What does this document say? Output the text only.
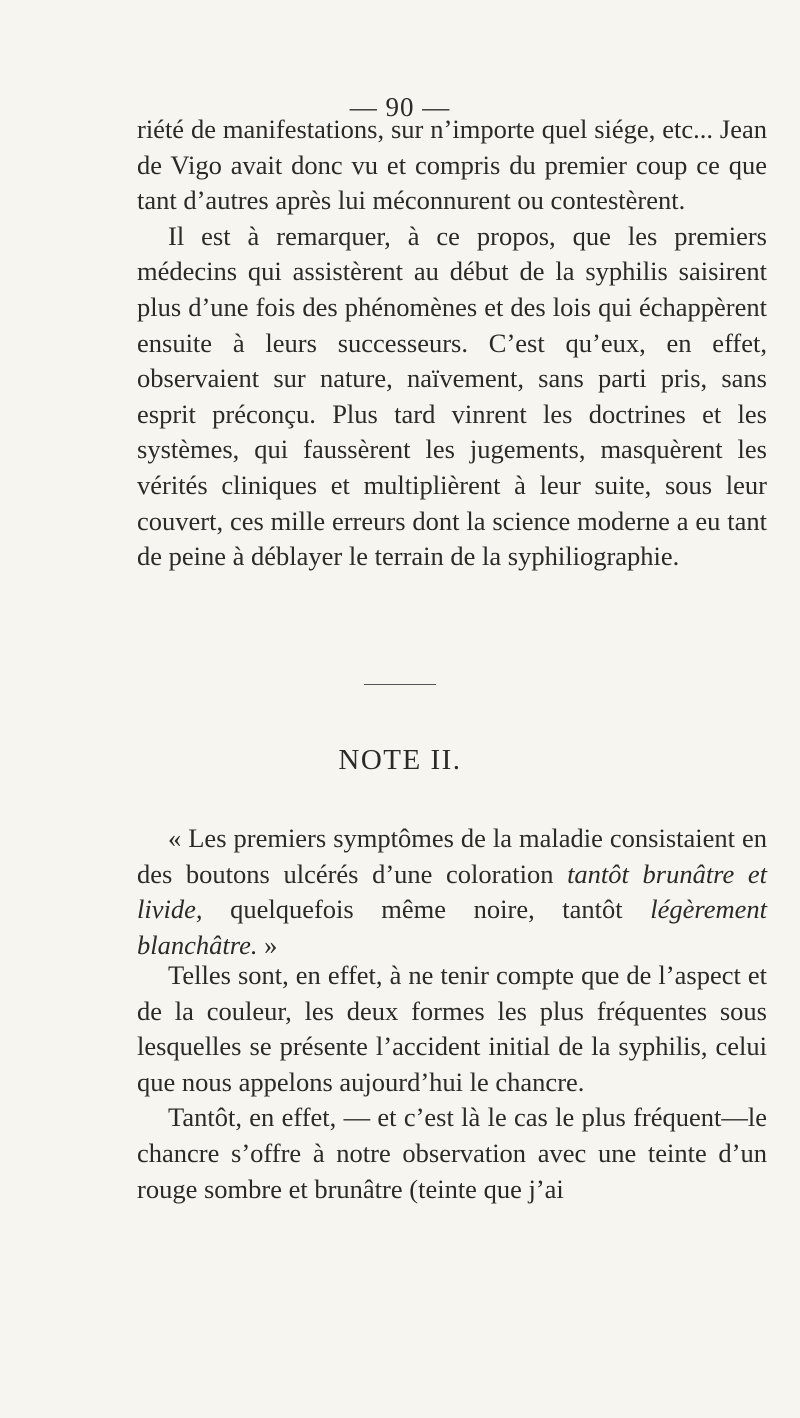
— 90 —

riété de manifestations, sur n’importe quel siége, etc... Jean de Vigo avait donc vu et compris du premier coup ce que tant d’autres après lui méconnurent ou contestèrent.

Il est à remarquer, à ce propos, que les premiers médecins qui assistèrent au début de la syphilis saisirent plus d’une fois des phénomènes et des lois qui échappèrent ensuite à leurs successeurs. C’est qu’eux, en effet, observaient sur nature, naïvement, sans parti pris, sans esprit préconçu. Plus tard vinrent les doctrines et les systèmes, qui faussèrent les jugements, masquèrent les vérités cliniques et multiplièrent à leur suite, sous leur couvert, ces mille erreurs dont la science moderne a eu tant de peine à déblayer le terrain de la syphiliographie.

NOTE II.

« Les premiers symptômes de la maladie consistaient en des boutons ulcérés d’une coloration tantôt brunâtre et livide, quelquefois même noire, tantôt légèrement blanchâtre. »

Telles sont, en effet, à ne tenir compte que de l’aspect et de la couleur, les deux formes les plus fréquentes sous lesquelles se présente l’accident initial de la syphilis, celui que nous appelons aujourd’hui le chancre.

Tantôt, en effet, — et c’est là le cas le plus fréquent—le chancre s’offre à notre observation avec une teinte d’un rouge sombre et brunâtre (teinte que j’ai
